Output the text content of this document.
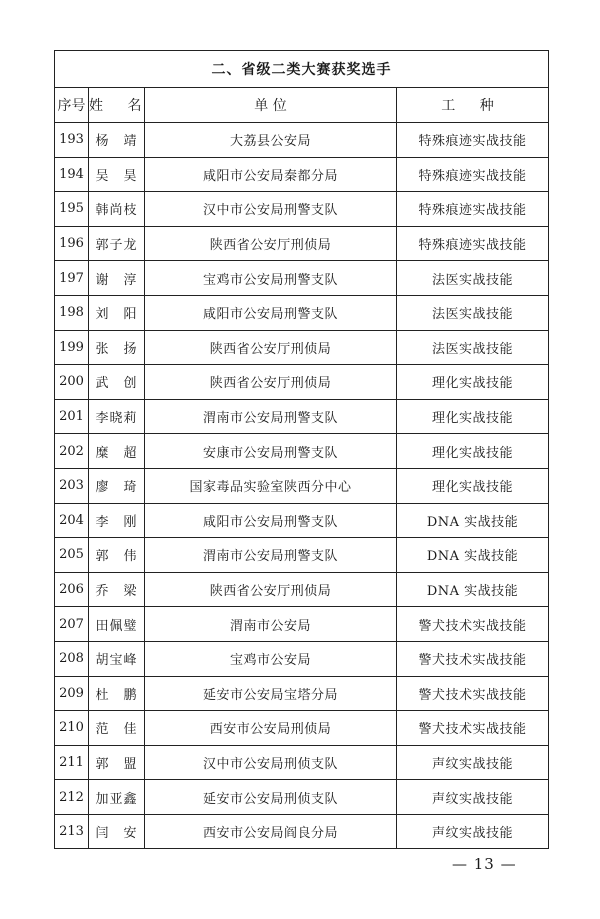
二、省级二类大赛获奖选手			
序号	姓 名	单 位	工 种
193	杨　靖	大荔县公安局	特殊痕迹实战技能
194	吴　昊	咸阳市公安局秦都分局	特殊痕迹实战技能
195	韩尚枝	汉中市公安局刑警支队	特殊痕迹实战技能
196	郭子龙	陕西省公安厅刑侦局	特殊痕迹实战技能
197	谢　淳	宝鸡市公安局刑警支队	法医实战技能
198	刘　阳	咸阳市公安局刑警支队	法医实战技能
199	张　扬	陕西省公安厅刑侦局	法医实战技能
200	武　创	陕西省公安厅刑侦局	理化实战技能
201	李晓莉	渭南市公安局刑警支队	理化实战技能
202	糜　超	安康市公安局刑警支队	理化实战技能
203	廖　琦	国家毒品实验室陕西分中心	理化实战技能
204	李　刚	咸阳市公安局刑警支队	DNA 实战技能
205	郭　伟	渭南市公安局刑警支队	DNA 实战技能
206	乔　梁	陕西省公安厅刑侦局	DNA 实战技能
207	田佩璧	渭南市公安局	警犬技术实战技能
208	胡宝峰	宝鸡市公安局	警犬技术实战技能
209	杜　鹏	延安市公安局宝塔分局	警犬技术实战技能
210	范　佳	西安市公安局刑侦局	警犬技术实战技能
211	郭　盟	汉中市公安局刑侦支队	声纹实战技能
212	加亚鑫	延安市公安局刑侦支队	声纹实战技能
213	闫　安	西安市公安局阎良分局	声纹实战技能
— 13 —
